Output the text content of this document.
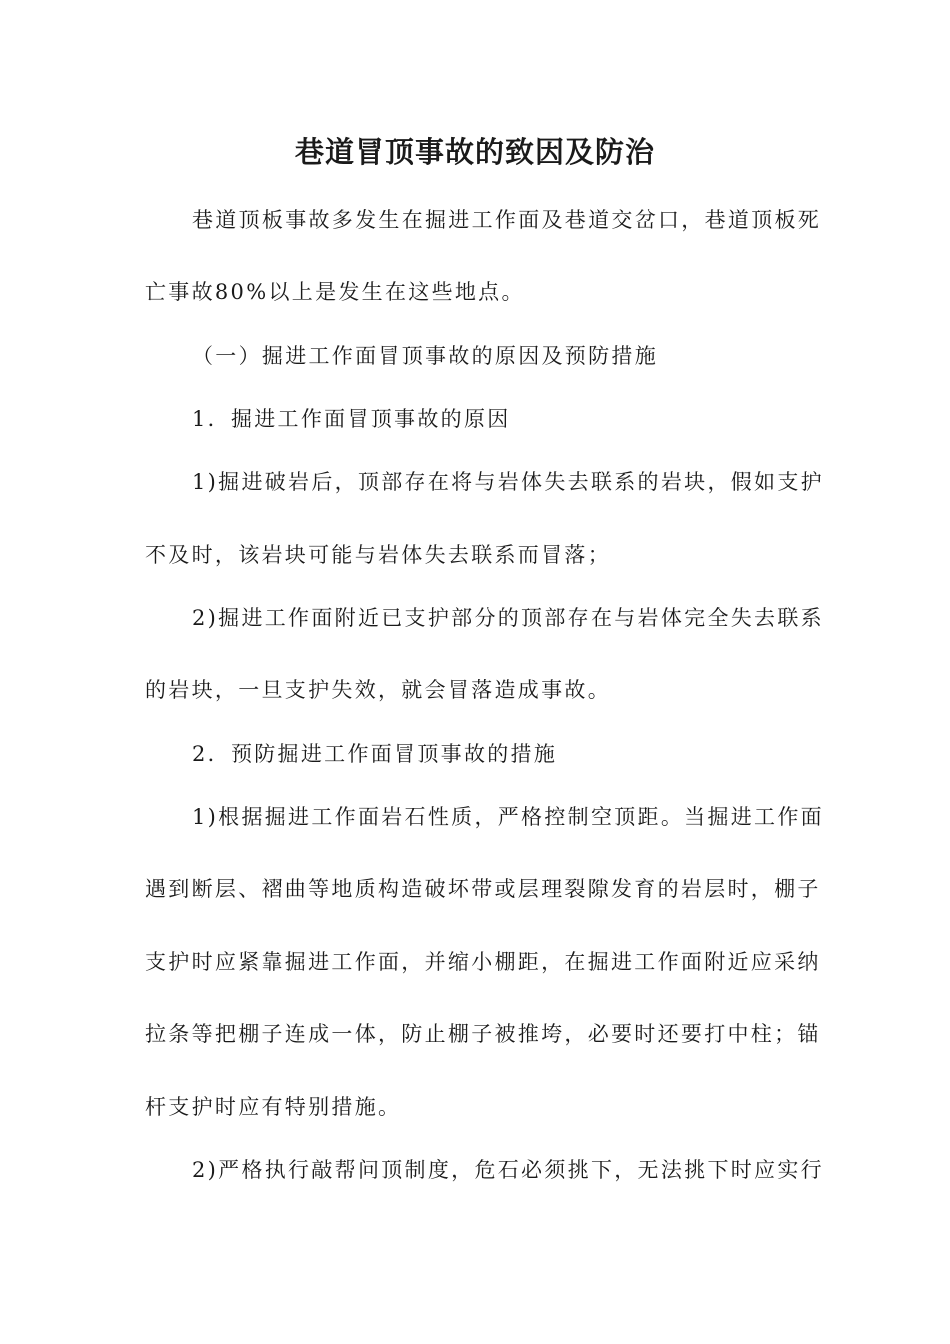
巷道冒顶事故的致因及防治
巷道顶板事故多发生在掘进工作面及巷道交岔口，巷道顶板死
亡事故80%以上是发生在这些地点。
（一）掘进工作面冒顶事故的原因及预防措施
1．掘进工作面冒顶事故的原因
1)掘进破岩后，顶部存在将与岩体失去联系的岩块，假如支护
不及时，该岩块可能与岩体失去联系而冒落；
2)掘进工作面附近已支护部分的顶部存在与岩体完全失去联系
的岩块，一旦支护失效，就会冒落造成事故。
2．预防掘进工作面冒顶事故的措施
1)根据掘进工作面岩石性质，严格控制空顶距。当掘进工作面
遇到断层、褶曲等地质构造破坏带或层理裂隙发育的岩层时，棚子
支护时应紧靠掘进工作面，并缩小棚距，在掘进工作面附近应采纳
拉条等把棚子连成一体，防止棚子被推垮，必要时还要打中柱；锚
杆支护时应有特别措施。
2)严格执行敲帮问顶制度，危石必须挑下，无法挑下时应实行
